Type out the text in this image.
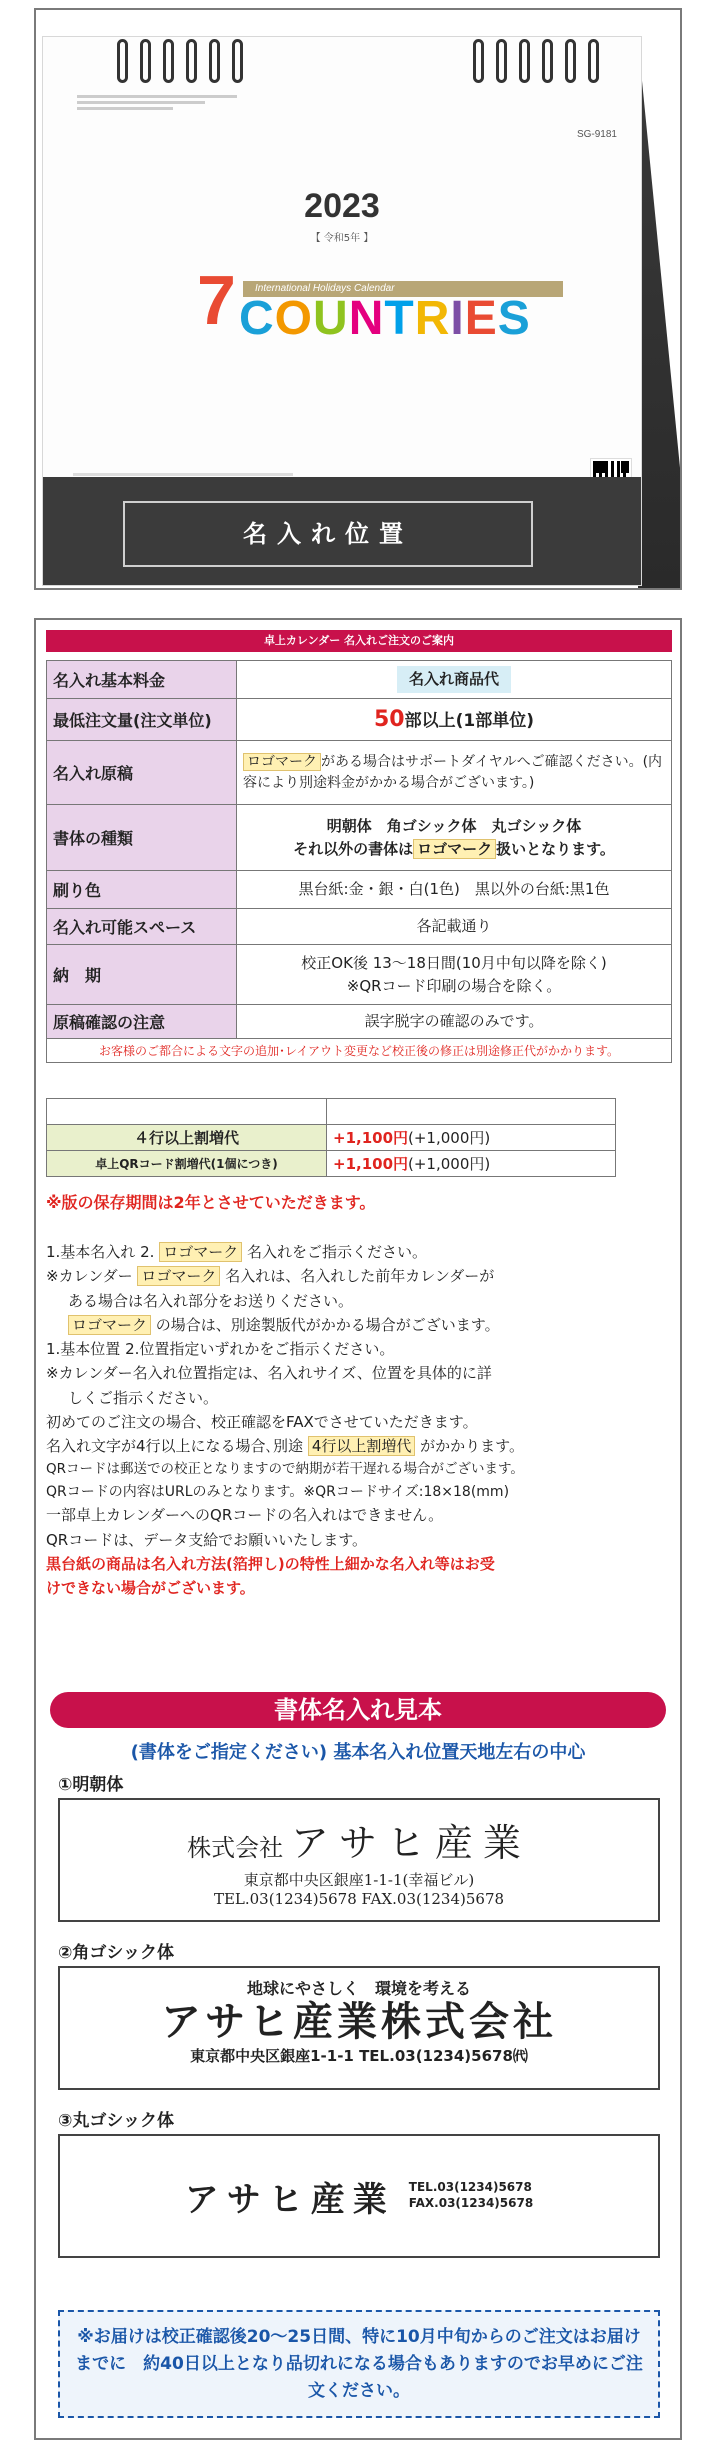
SG-9181
2023
【 令和5年 】
International Holidays Calendar
7 COUNTRIES
名入れ位置
卓上カレンダー 名入れご注文のご案内
名入れ基本料金	名入れ商品代
最低注文量(注文単位)	50部以上(1部単位)
名入れ原稿	ロゴマーク がある場合はサポートダイヤルへご確認ください。(内容により別途料金がかかる場合がございます。)
書体の種類	明朝体　角ゴシック体　丸ゴシック体
それ以外の書体は ロゴマーク 扱いとなります。

刷り色	黒台紙:金・銀・白(1色)　黒以外の台紙:黒1色
名入れ可能スペース	各記載通り
納　期	校正OK後 13～18日間(10月中旬以降を除く)
※QRコード印刷の場合を除く。

原稿確認の注意	誤字脱字の確認のみです。
お客様のご都合による文字の追加･レイアウト変更など校正後の修正は別途修正代がかかります。	

４行以上割増代	+1,100円(+1,000円)
卓上QRコード割増代(1個につき)	+1,100円(+1,000円)
※版の保存期間は2年とさせていただきます。

1.基本名入れ 2. ロゴマーク 名入れをご指示ください。

※カレンダー ロゴマーク 名入れは、名入れした前年カレンダーが

ある場合は名入れ部分をお送りください。

ロゴマーク の場合は、別途製版代がかかる場合がございます。

1.基本位置 2.位置指定いずれかをご指示ください。

※カレンダー名入れ位置指定は、名入れサイズ、位置を具体的に詳

しくご指示ください。

初めてのご注文の場合、校正確認をFAXでさせていただきます。

名入れ文字が4行以上になる場合､別途 4行以上割増代 がかかります。

QRコードは郵送での校正となりますので納期が若干遅れる場合がございます。

QRコードの内容はURLのみとなります。※QRコードサイズ:18×18(mm)

一部卓上カレンダーへのQRコードの名入れはできません。

QRコードは、データ支給でお願いいたします。

黒台紙の商品は名入れ方法(箔押し)の特性上細かな名入れ等はお受

けできない場合がございます。

書体名入れ見本
(書体をご指定ください) 基本名入れ位置天地左右の中心
①明朝体
株式会社 アサヒ産業
東京都中央区銀座1-1-1(幸福ビル)
TEL.03(1234)5678 FAX.03(1234)5678
②角ゴシック体
地球にやさしく　環境を考える
アサヒ産業株式会社
東京都中央区銀座1-1-1 TEL.03(1234)5678㈹
③丸ゴシック体
アサヒ産業 TEL.03(1234)5678
FAX.03(1234)5678
※お届けは校正確認後20～25日間、特に10月中旬からのご注文はお届けまでに　約40日以上となり品切れになる場合もありますのでお早めにご注文ください。
